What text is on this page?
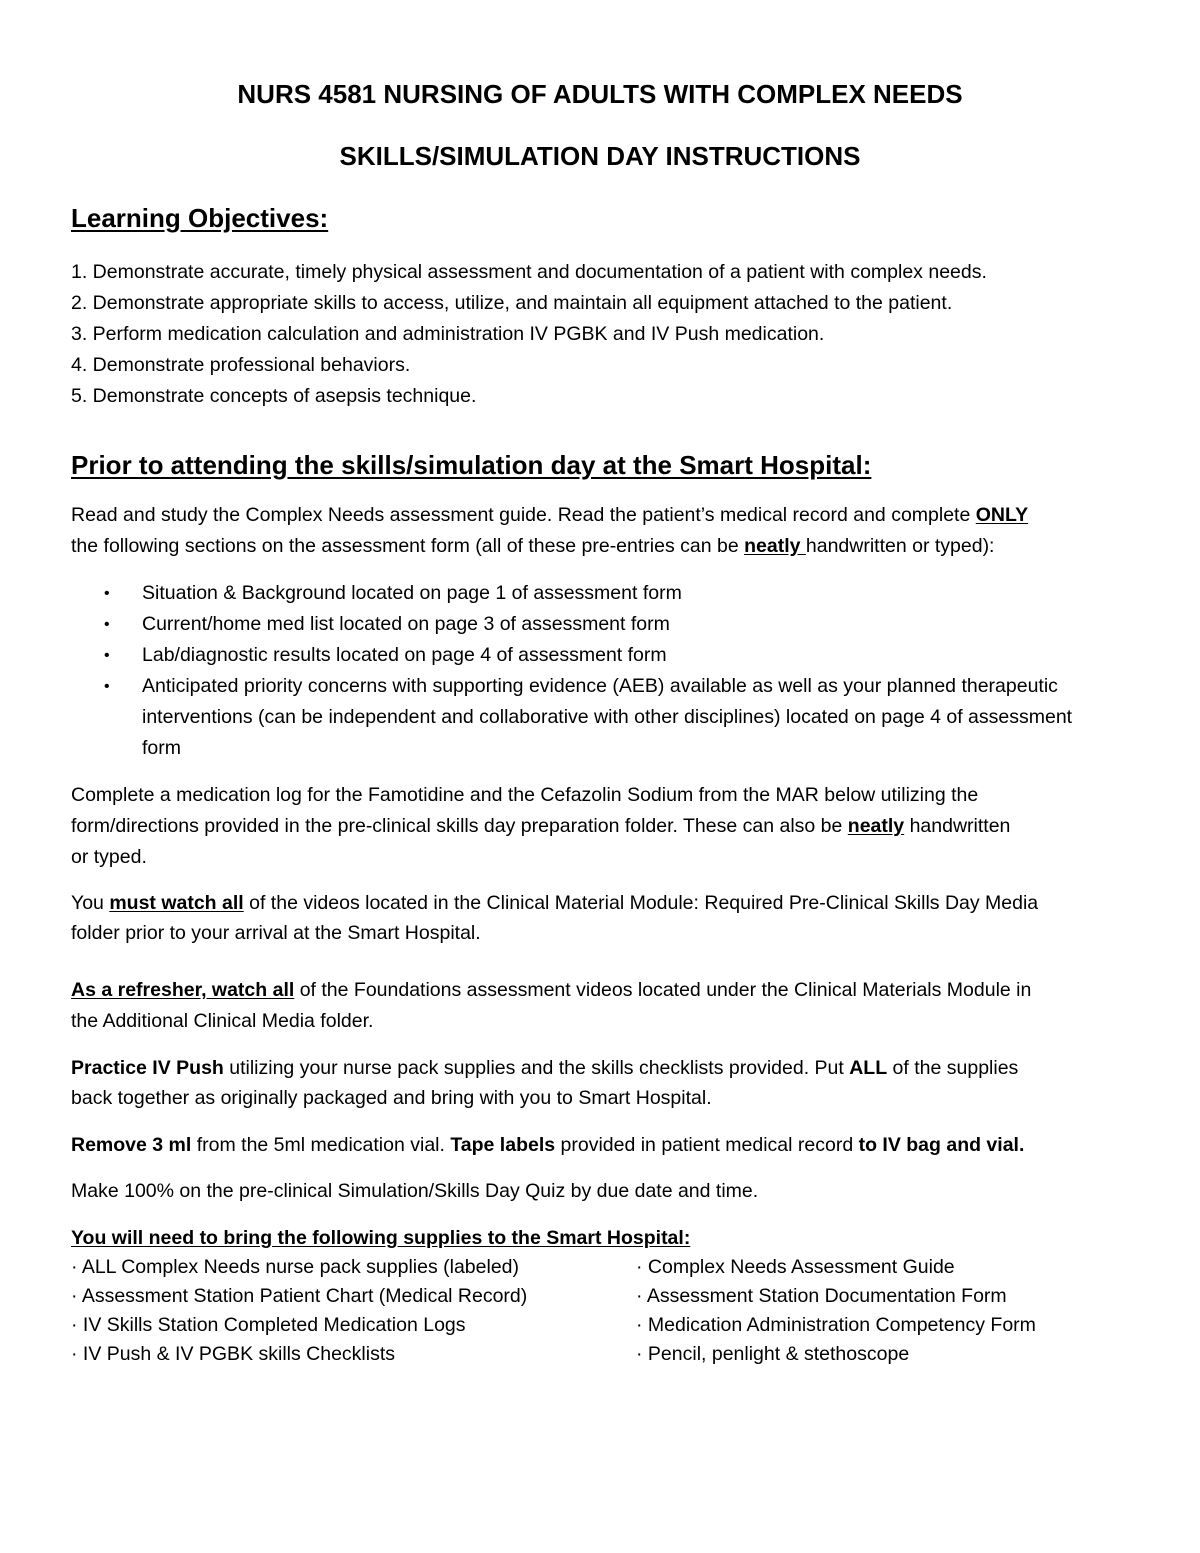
NURS 4581 NURSING OF ADULTS WITH COMPLEX NEEDS
SKILLS/SIMULATION DAY INSTRUCTIONS
Learning Objectives:
1. Demonstrate accurate, timely physical assessment and documentation of a patient with complex needs.
2. Demonstrate appropriate skills to access, utilize, and maintain all equipment attached to the patient.
3. Perform medication calculation and administration IV PGBK and IV Push medication.
4. Demonstrate professional behaviors.
5. Demonstrate concepts of asepsis technique.
Prior to attending the skills/simulation day at the Smart Hospital:
Read and study the Complex Needs assessment guide. Read the patient’s medical record and complete ONLY
the following sections on the assessment form (all of these pre-entries can be neatly handwritten or typed):
• Situation & Background located on page 1 of assessment form
• Current/home med list located on page 3 of assessment form
• Lab/diagnostic results located on page 4 of assessment form
• Anticipated priority concerns with supporting evidence (AEB) available as well as your planned therapeutic interventions (can be independent and collaborative with other disciplines) located on page 4 of assessment form
Complete a medication log for the Famotidine and the Cefazolin Sodium from the MAR below utilizing the
form/directions provided in the pre-clinical skills day preparation folder. These can also be neatly handwritten
or typed.
You must watch all of the videos located in the Clinical Material Module: Required Pre-Clinical Skills Day Media
folder prior to your arrival at the Smart Hospital.
As a refresher, watch all of the Foundations assessment videos located under the Clinical Materials Module in
the Additional Clinical Media folder.
Practice IV Push utilizing your nurse pack supplies and the skills checklists provided. Put ALL of the supplies
back together as originally packaged and bring with you to Smart Hospital.
Remove 3 ml from the 5ml medication vial. Tape labels provided in patient medical record to IV bag and vial.
Make 100% on the pre-clinical Simulation/Skills Day Quiz by due date and time.
You will need to bring the following supplies to the Smart Hospital:
· ALL Complex Needs nurse pack supplies (labeled)
· Assessment Station Patient Chart (Medical Record)
· IV Skills Station Completed Medication Logs
· IV Push & IV PGBK skills Checklists
· Complex Needs Assessment Guide
· Assessment Station Documentation Form
· Medication Administration Competency Form
· Pencil, penlight & stethoscope
